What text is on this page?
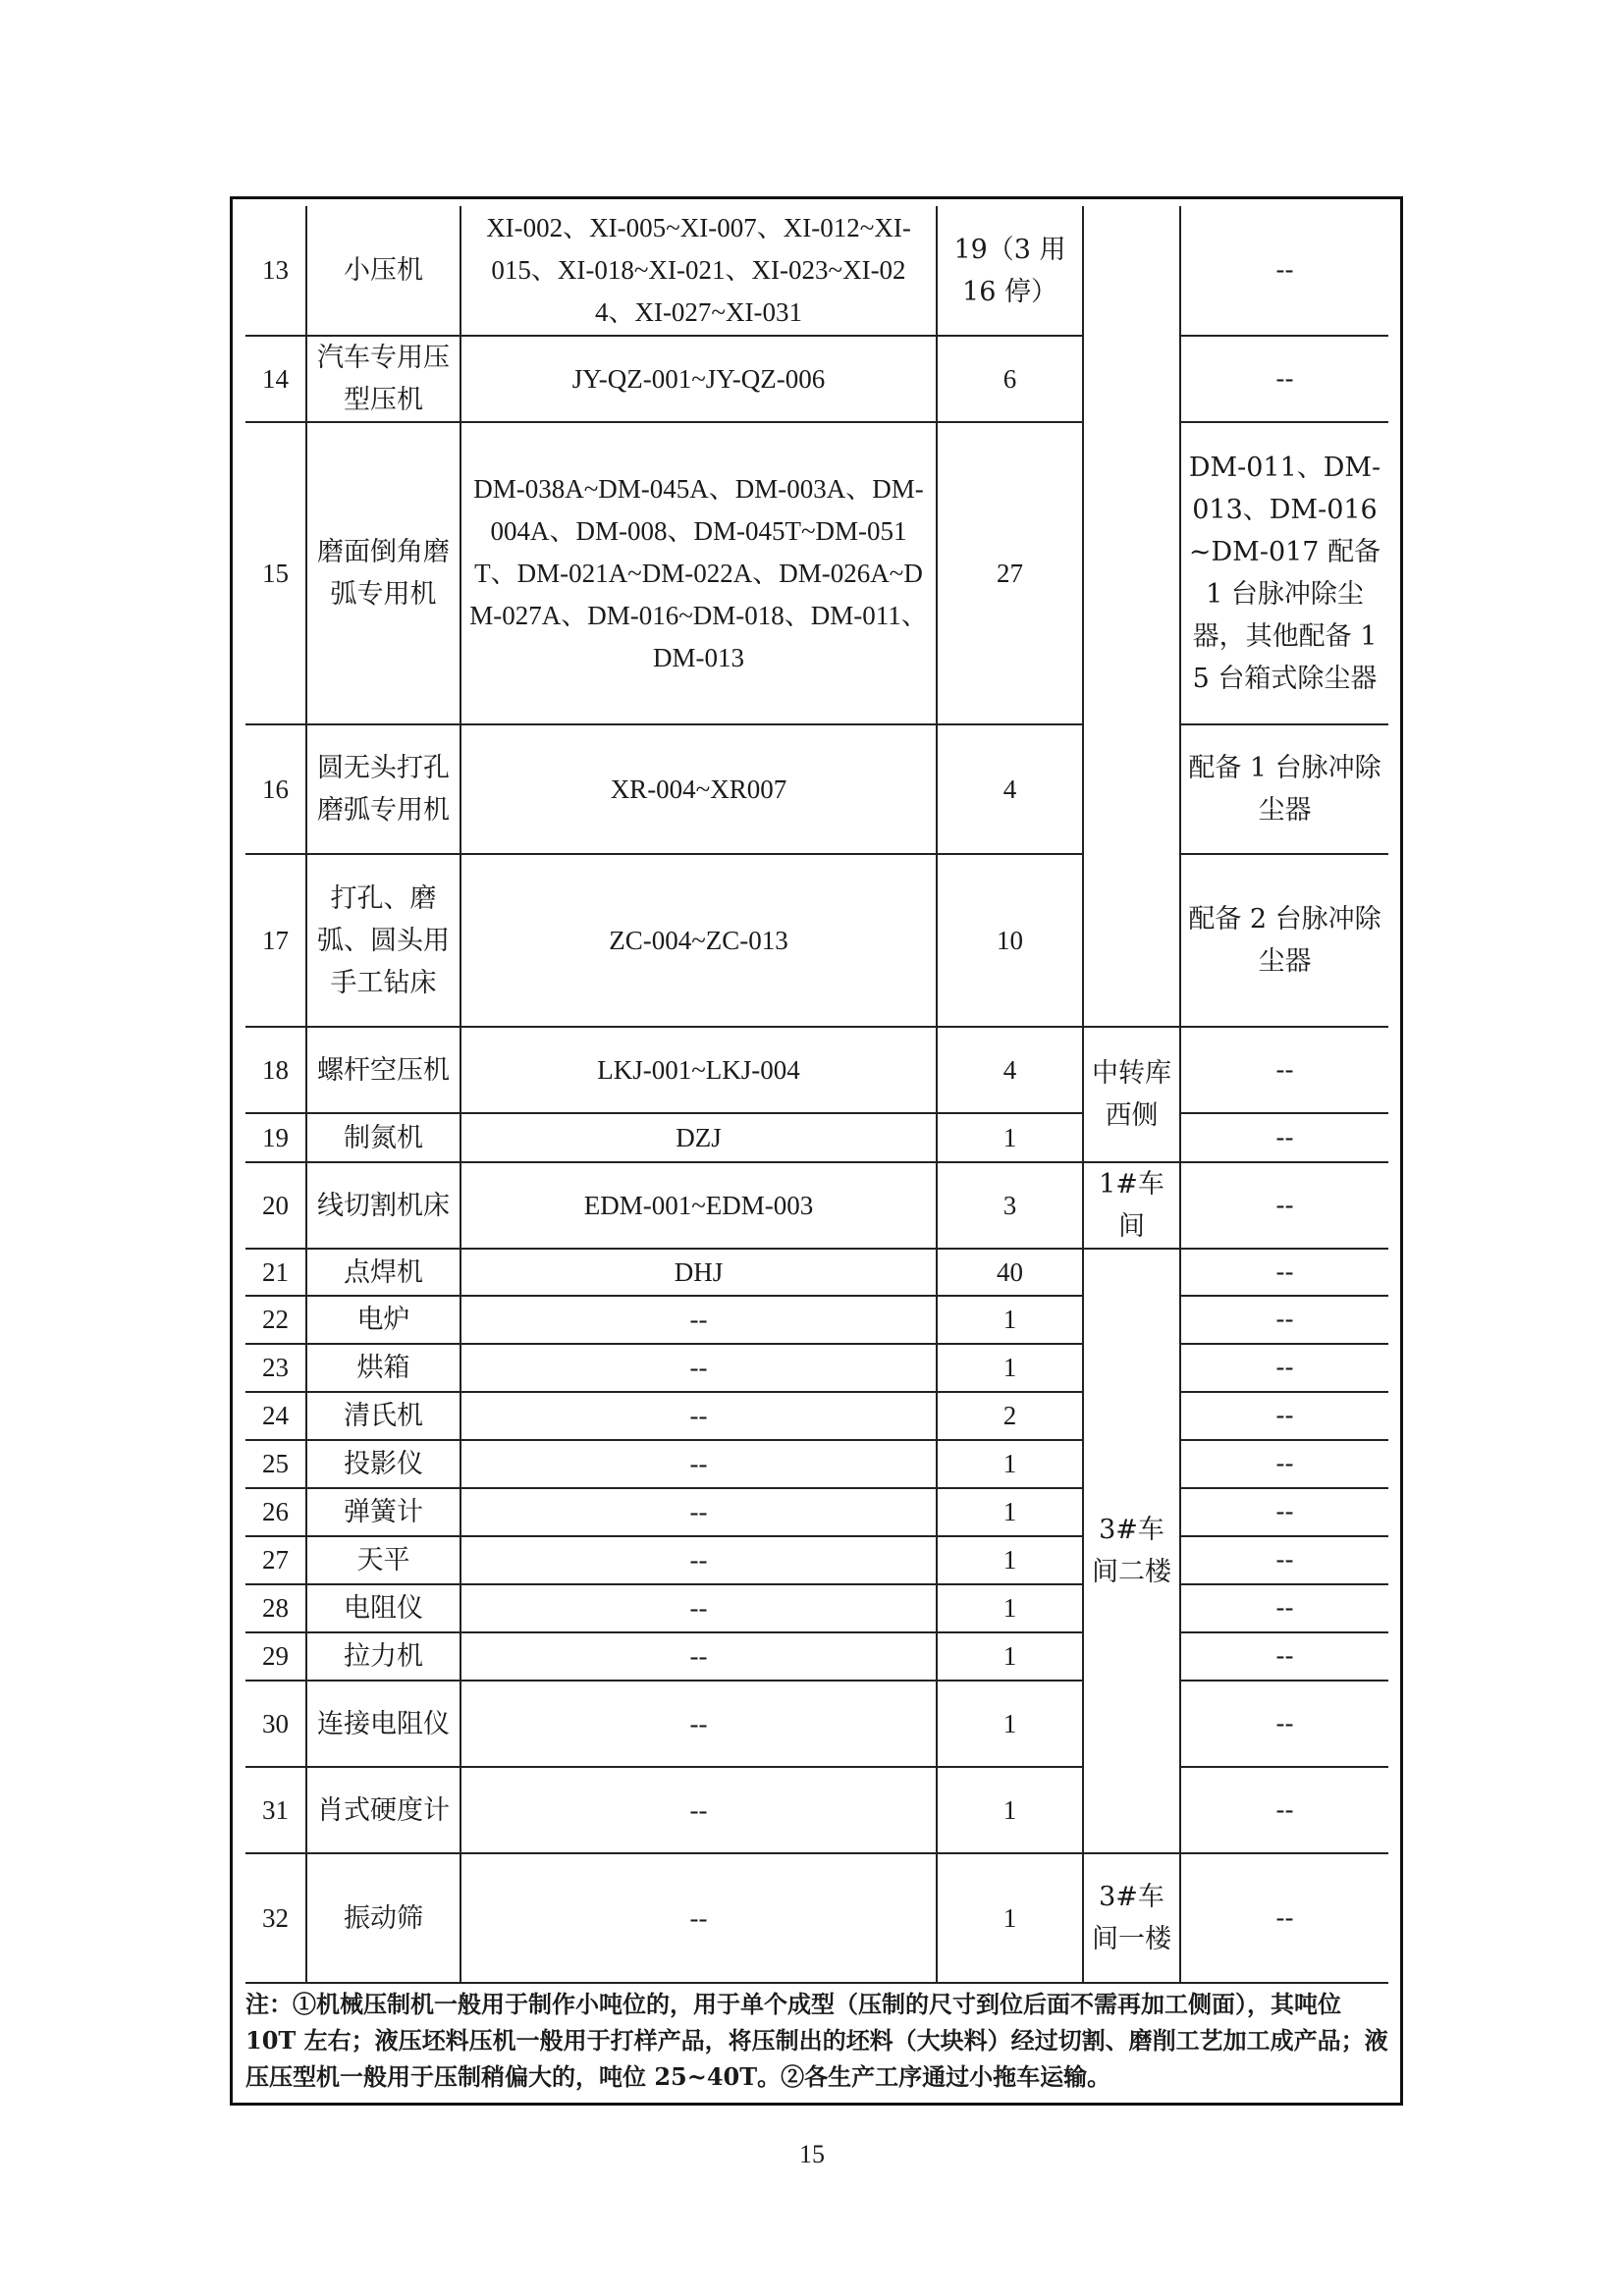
13	小压机	XI-002、XI-005~XI-007、XI-012~XI-015、XI-018~XI-021、XI-023~XI-024、XI-027~XI-031	19（3 用 16 停）		--
14	汽车专用压型压机	JY-QZ-001~JY-QZ-006	6		--
15	磨面倒角磨弧专用机	DM-038A~DM-045A、DM-003A、DM-004A、DM-008、DM-045T~DM-051T、DM-021A~DM-022A、DM-026A~DM-027A、DM-016~DM-018、DM-011、DM-013	27		DM-011、DM-013、DM-016~DM-017 配备 1 台脉冲除尘器，其他配备 15 台箱式除尘器
16	圆无头打孔磨弧专用机	XR-004~XR007	4		配备 1 台脉冲除尘器
17	打孔、磨弧、圆头用手工钻床	ZC-004~ZC-013	10		配备 2 台脉冲除尘器
18	螺杆空压机	LKJ-001~LKJ-004	4	中转库西侧	--
19	制氮机	DZJ	1		--
20	线切割机床	EDM-001~EDM-003	3	1#车间	--
21	点焊机	DHJ	40	3#车间二楼	--
22	电炉	--	1		--
23	烘箱	--	1		--
24	清氏机	--	2		--
25	投影仪	--	1		--
26	弹簧计	--	1		--
27	天平	--	1		--
28	电阻仪	--	1		--
29	拉力机	--	1		--
30	连接电阻仪	--	1		--
31	肖式硬度计	--	1		--
32	振动筛	--	1	3#车间一楼	--
注：①机械压制机一般用于制作小吨位的，用于单个成型（压制的尺寸到位后面不需再加工侧面），其吨位 10T 左右；液压坯料压机一般用于打样产品，将压制出的坯料（大块料）经过切割、磨削工艺加工成产品；液压压型机一般用于压制稍偏大的，吨位 25~40T。②各生产工序通过小拖车运输。					
15
